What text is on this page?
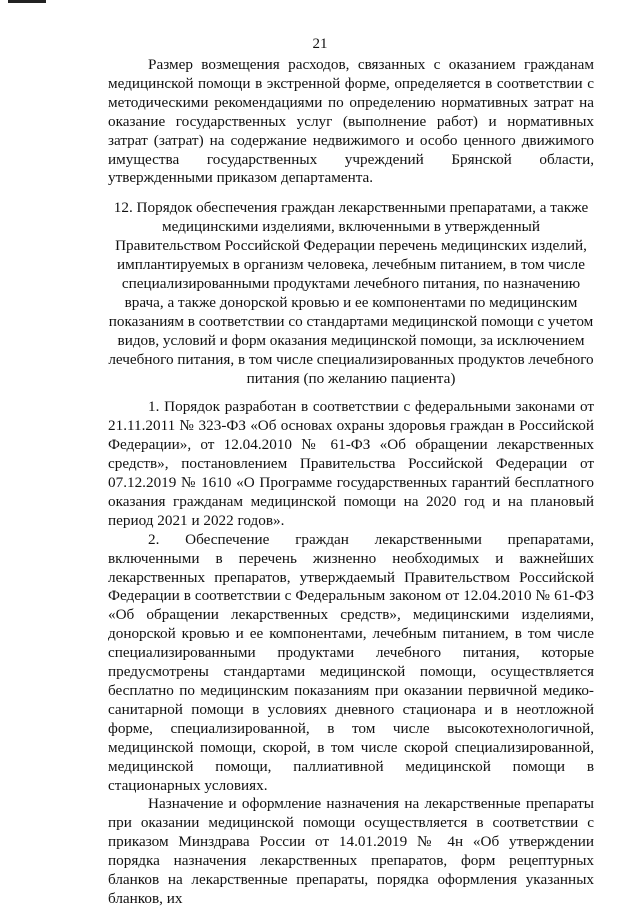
21

Размер возмещения расходов, связанных с оказанием гражданам медицинской помощи в экстренной форме, определяется в соответствии с методическими рекомендациями по определению нормативных затрат на оказание государственных услуг (выполнение работ) и нормативных затрат (затрат) на содержание недвижимого и особо ценного движимого имущества государственных учреждений Брянской области, утвержденными приказом департамента.

12. Порядок обеспечения граждан лекарственными препаратами, а также медицинскими изделиями, включенными в утвержденный Правительством Российской Федерации перечень медицинских изделий, имплантируемых в организм человека, лечебным питанием, в том числе специализированными продуктами лечебного питания, по назначению врача, а также донорской кровью и ее компонентами по медицинским показаниям в соответствии со стандартами медицинской помощи с учетом видов, условий и форм оказания медицинской помощи, за исключением лечебного питания, в том числе специализированных продуктов лечебного питания (по желанию пациента)

1. Порядок разработан в соответствии с федеральными законами от 21.11.2011 № 323-ФЗ «Об основах охраны здоровья граждан в Российской Федерации», от 12.04.2010 № 61-ФЗ «Об обращении лекарственных средств», постановлением Правительства Российской Федерации от 07.12.2019 № 1610 «О Программе государственных гарантий бесплатного оказания гражданам медицинской помощи на 2020 год и на плановый период 2021 и 2022 годов».

2. Обеспечение граждан лекарственными препаратами, включенными в перечень жизненно необходимых и важнейших лекарственных препаратов, утверждаемый Правительством Российской Федерации в соответствии с Федеральным законом от 12.04.2010 № 61-ФЗ «Об обращении лекарственных средств», медицинскими изделиями, донорской кровью и ее компонентами, лечебным питанием, в том числе специализированными продуктами лечебного питания, которые предусмотрены стандартами медицинской помощи, осуществляется бесплатно по медицинским показаниям при оказании первичной медико-санитарной помощи в условиях дневного стационара и в неотложной форме, специализированной, в том числе высокотехнологичной, медицинской помощи, скорой, в том числе скорой специализированной, медицинской помощи, паллиативной медицинской помощи в стационарных условиях.

Назначение и оформление назначения на лекарственные препараты при оказании медицинской помощи осуществляется в соответствии с приказом Минздрава России от 14.01.2019 № 4н «Об утверждении порядка назначения лекарственных препаратов, форм рецептурных бланков на лекарственные препараты, порядка оформления указанных бланков, их
